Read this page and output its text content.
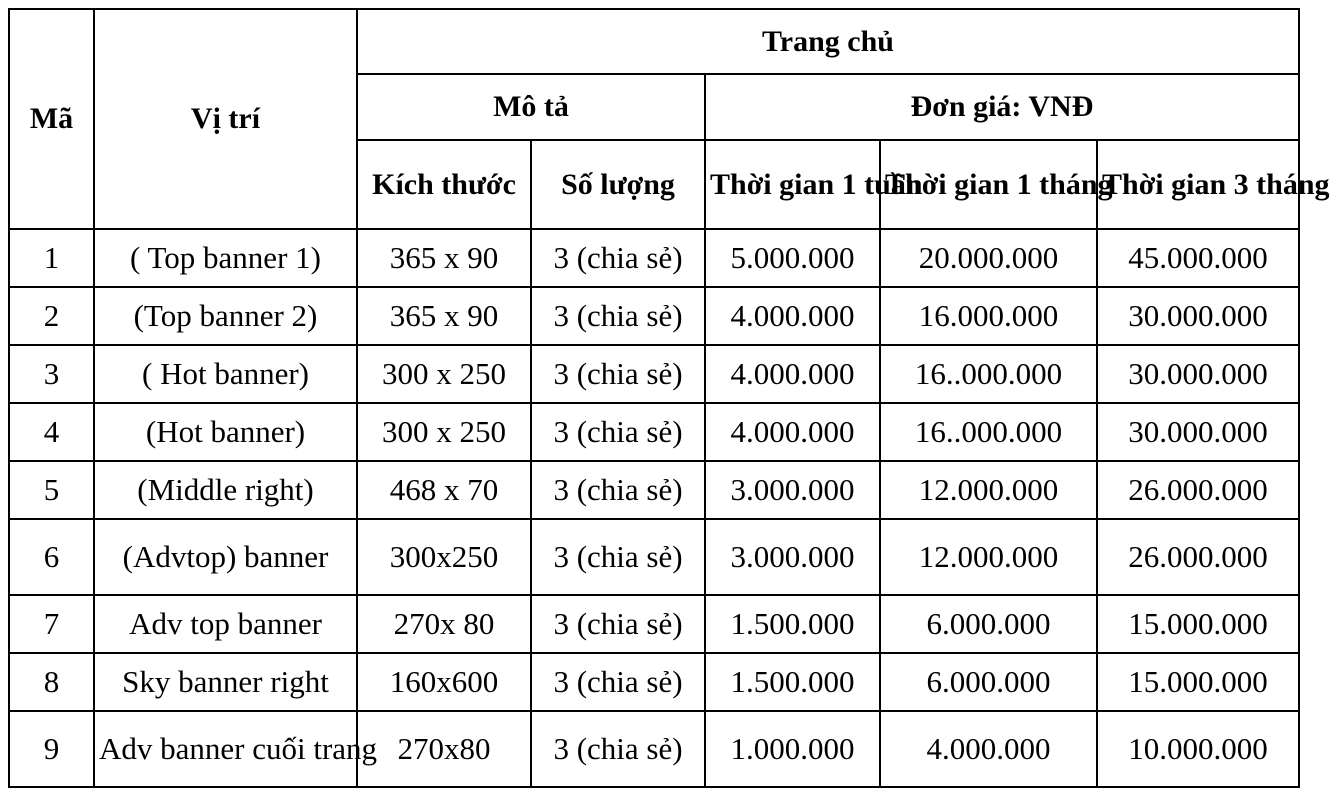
Mã	Vị trí	Trang chủ				
		Mô tả		Đơn giá: VNĐ		
		Kích thước	Số lượng	Thời gian 1 tuần	Thời gian 1 tháng	Thời gian 3 tháng
1	( Top banner 1)	365 x 90	3 (chia sẻ)	5.000.000	20.000.000	45.000.000
2	(Top banner 2)	365 x 90	3 (chia sẻ)	4.000.000	16.000.000	30.000.000
3	( Hot banner)	300 x 250	3 (chia sẻ)	4.000.000	16..000.000	30.000.000
4	(Hot banner)	300 x 250	3 (chia sẻ)	4.000.000	16..000.000	30.000.000
5	(Middle right)	468 x 70	3 (chia sẻ)	3.000.000	12.000.000	26.000.000
6	(Advtop) banner	300x250	3 (chia sẻ)	3.000.000	12.000.000	26.000.000
7	Adv top banner	270x 80	3 (chia sẻ)	1.500.000	6.000.000	15.000.000
8	Sky banner right	160x600	3 (chia sẻ)	1.500.000	6.000.000	15.000.000
9	Adv banner cuối trang	270x80	3 (chia sẻ)	1.000.000	4.000.000	10.000.000
